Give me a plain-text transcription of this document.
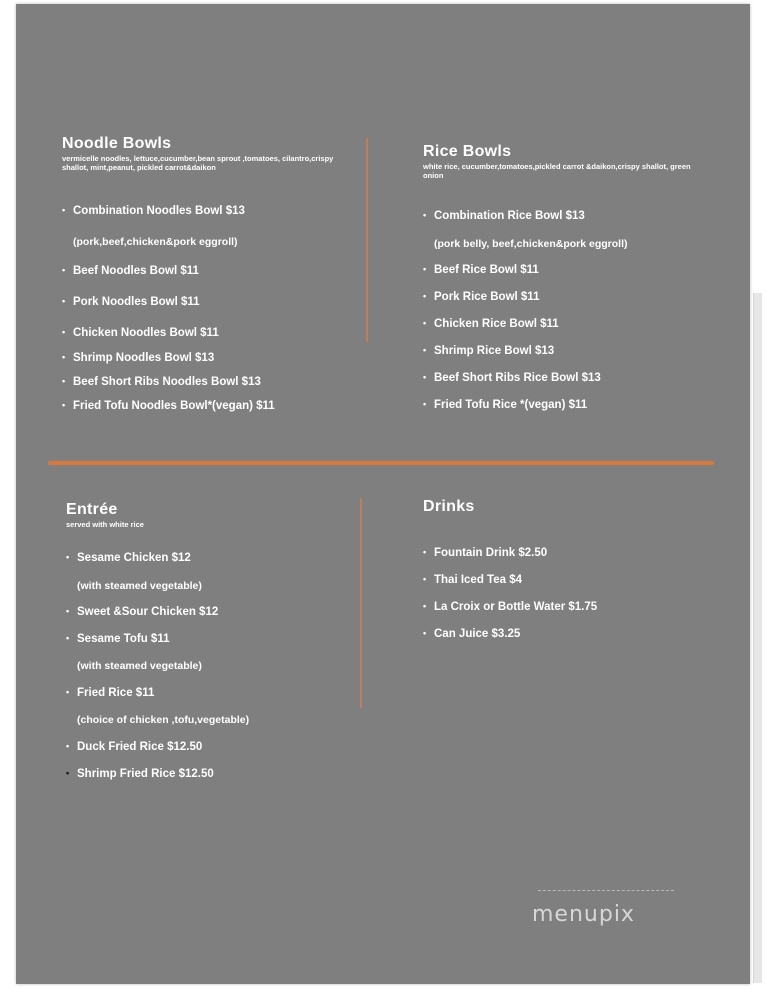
Noodle Bowls

vermicelle noodles, lettuce,cucumber,bean sprout ,tomatoes, cilantro,crispy shallot, mint,peanut, pickled carrot&daikon

• Combination Noodles Bowl $13
(pork,beef,chicken&pork eggroll)
• Beef Noodles Bowl $11
• Pork Noodles Bowl $11
• Chicken Noodles Bowl $11
• Shrimp Noodles Bowl $13
• Beef Short Ribs Noodles Bowl $13
• Fried Tofu Noodles Bowl*(vegan) $11
Rice Bowls

white rice, cucumber,tomatoes,pickled carrot &daikon,crispy shallot, green onion

• Combination Rice Bowl $13
(pork belly, beef,chicken&pork eggroll)
• Beef Rice Bowl $11
• Pork Rice Bowl $11
• Chicken Rice Bowl $11
• Shrimp Rice Bowl $13
• Beef Short Ribs Rice Bowl $13
• Fried Tofu Rice *(vegan) $11
Entrée

served with white rice

• Sesame Chicken $12
(with steamed vegetable)
• Sweet &Sour Chicken $12
• Sesame Tofu $11
(with steamed vegetable)
• Fried Rice $11
(choice of chicken ,tofu,vegetable)
• Duck Fried Rice $12.50
• Shrimp Fried Rice $12.50
Drinks
• Fountain Drink $2.50
• Thai Iced Tea $4
• La Croix or Bottle Water $1.75
• Can Juice $3.25
menupix
